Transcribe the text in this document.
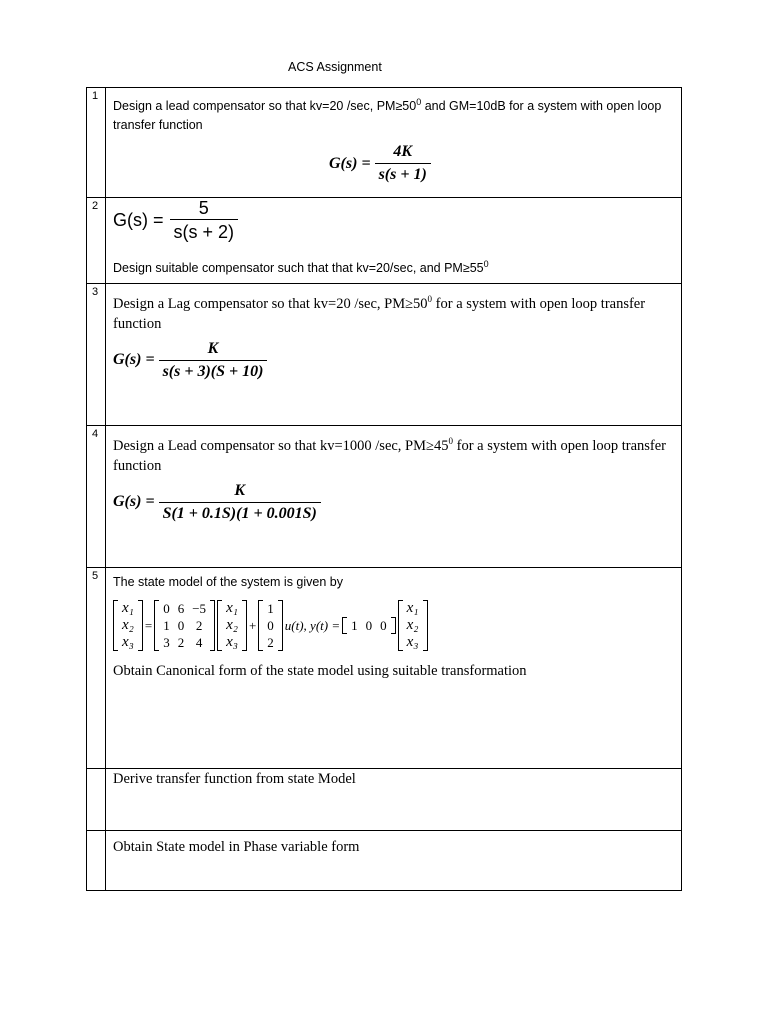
ACS Assignment
1	
Design a lead compensator so that kv=20 /sec, $PM\ge 50^0$ and GM=10dB for a system with open loop transfer function
$G(s) = \frac{4K}{s(s + 1)}$

2	
$G(s) = \frac{5}{s(s + 2)}$
Design suitable compensator such that that kv=20/sec, and $PM\ge 55^0$

3	
Design a Lag compensator so that kv=20 /sec, $PM\ge 50^0$ for a system with open loop transfer function
$G(s) = \frac{K}{s(s + 3)(S + 10)}$

4	
Design a Lead compensator so that kv=1000 /sec, $PM\ge 45^0$ for a system with open loop transfer function
$G(s) = \frac{K}{S(1 + 0.1S)(1 + 0.001S)}$

5	The state model of the system is given by
x₁
x₂
x₃
=
0	6	−5
1	0	2
3	2	4
x₁
x₂
x₃
+
1
0
2
u(t), y(t) = 1	0	0
x₁
x₂
x₃
Obtain Canonical form of the state model using suitable transformation

Derive transfer function from state Model

Obtain State model in Phase variable form
